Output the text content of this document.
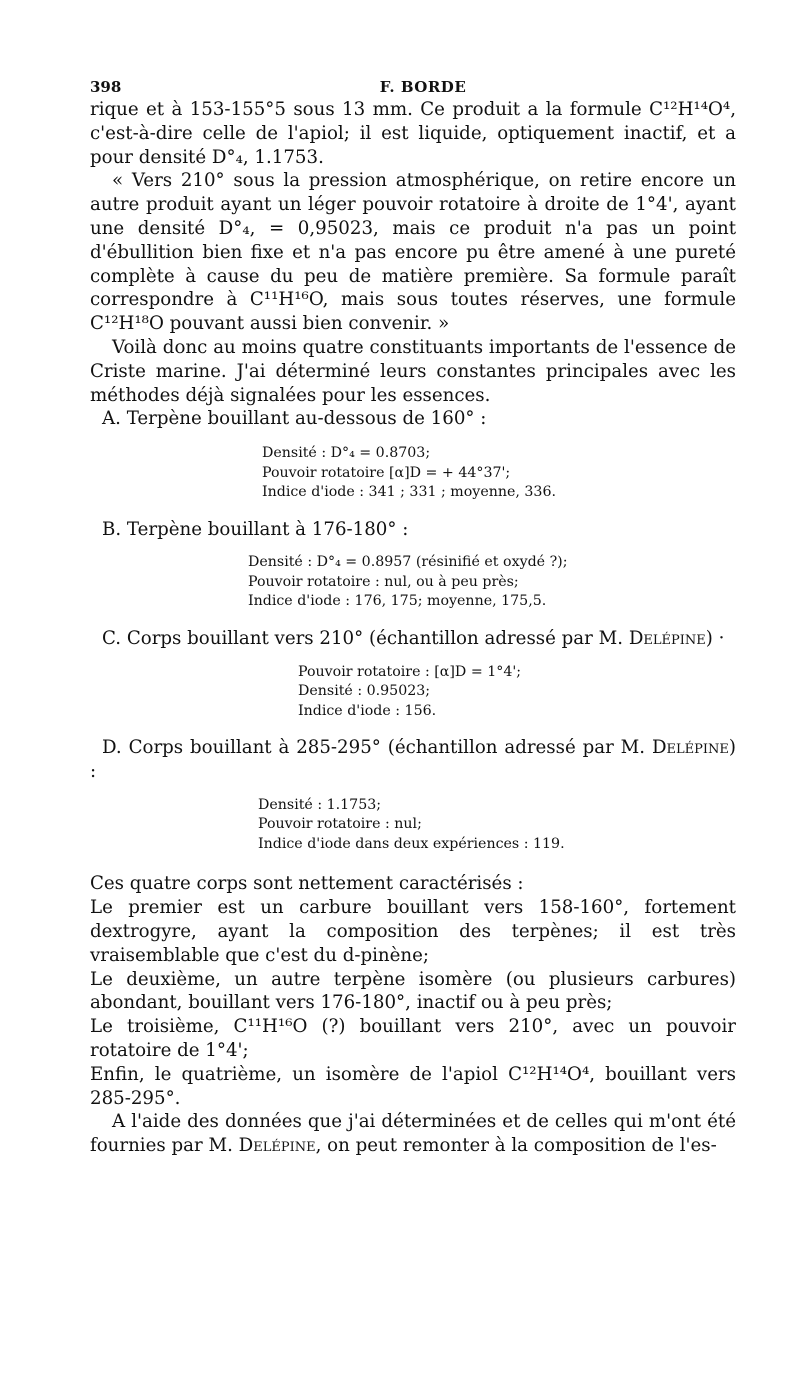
398	F. BORDE

rique et à 153-155°5 sous 13 mm. Ce produit a la formule C¹²H¹⁴O⁴, c'est-à-dire celle de l'apiol; il est liquide, optiquement inactif, et a pour densité D°₄, 1.1753.

« Vers 210° sous la pression atmosphérique, on retire encore un autre produit ayant un léger pouvoir rotatoire à droite de 1°4', ayant une densité D°₄, = 0,95023, mais ce produit n'a pas un point d'ébullition bien fixe et n'a pas encore pu être amené à une pureté complète à cause du peu de matière première. Sa formule paraît correspondre à C¹¹H¹⁶O, mais sous toutes réserves, une formule C¹²H¹⁸O pouvant aussi bien convenir. »

Voilà donc au moins quatre constituants importants de l'essence de Criste marine. J'ai déterminé leurs constantes principales avec les méthodes déjà signalées pour les essences.

A. Terpène bouillant au-dessous de 160° :

Densité : D°₄ = 0.8703;
Pouvoir rotatoire [α]D = + 44°37';
Indice d'iode : 341 ; 331 ; moyenne, 336.

B. Terpène bouillant à 176-180° :

Densité : D°₄ = 0.8957 (résinifié et oxydé ?);
Pouvoir rotatoire : nul, ou à peu près;
Indice d'iode : 176, 175; moyenne, 175,5.

C. Corps bouillant vers 210° (échantillon adressé par M. Delépine) ·

Pouvoir rotatoire : [α]D = 1°4';
Densité : 0.95023;
Indice d'iode : 156.

D. Corps bouillant à 285-295° (échantillon adressé par M. Delépine) :

Densité : 1.1753;
Pouvoir rotatoire : nul;
Indice d'iode dans deux expériences : 119.

Ces quatre corps sont nettement caractérisés :

Le premier est un carbure bouillant vers 158-160°, fortement dextrogyre, ayant la composition des terpènes; il est très vraisemblable que c'est du d-pinène;

Le deuxième, un autre terpène isomère (ou plusieurs carbures) abondant, bouillant vers 176-180°, inactif ou à peu près;

Le troisième, C¹¹H¹⁶O (?) bouillant vers 210°, avec un pouvoir rotatoire de 1°4';

Enfin, le quatrième, un isomère de l'apiol C¹²H¹⁴O⁴, bouillant vers 285-295°.

A l'aide des données que j'ai déterminées et de celles qui m'ont été fournies par M. Delépine, on peut remonter à la composition de l'es-
